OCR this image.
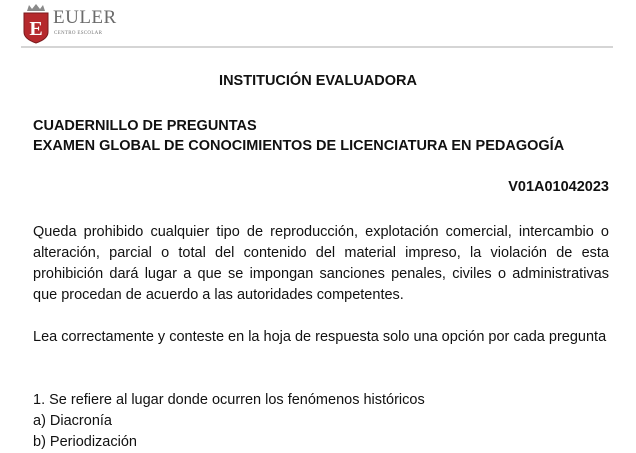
E
EULER
CENTRO ESCOLAR
INSTITUCIÓN EVALUADORA
CUADERNILLO DE PREGUNTAS
EXAMEN GLOBAL DE CONOCIMIENTOS DE LICENCIATURA EN PEDAGOGÍA
V01A01042023
Queda prohibido cualquier tipo de reproducción, explotación comercial, intercambio o alteración, parcial o total del contenido del material impreso, la violación de esta prohibición dará lugar a que se impongan sanciones penales, civiles o administrativas que procedan de acuerdo a las autoridades competentes.
Lea correctamente y conteste en la hoja de respuesta solo una opción por cada pregunta
1. Se refiere al lugar donde ocurren los fenómenos históricos
a) Diacronía
b) Periodización
